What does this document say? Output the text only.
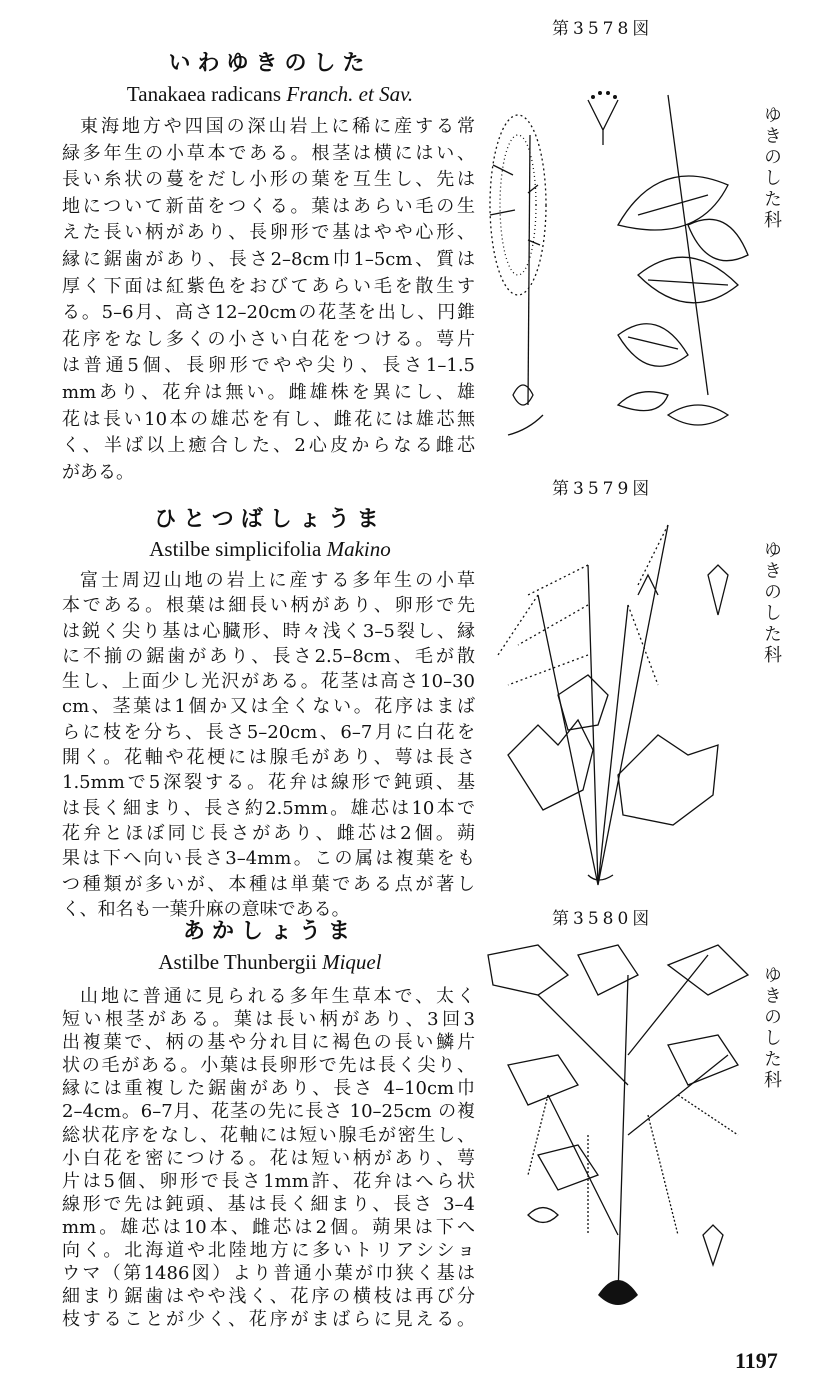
いわゆきのした
Tanakaea radicans Franch. et Sav.
東海地方や四国の深山岩上に稀に産する常
緑多年生の小草本である。根茎は横にはい、
長い糸状の蔓をだし小形の葉を互生し、先は
地について新苗をつくる。葉はあらい毛の生
えた長い柄があり、長卵形で基はやや心形、
縁に鋸歯があり、長さ2–8cm巾1–5cm、質は
厚く下面は紅紫色をおびてあらい毛を散生す
る。5–6月、高さ12–20cmの花茎を出し、円錐
花序をなし多くの小さい白花をつける。萼片
は普通5個、長卵形でやや尖り、長さ1–1.5
mmあり、花弁は無い。雌雄株を異にし、雄
花は長い10本の雄芯を有し、雌花には雄芯無
く、半ば以上癒合した、2心皮からなる雌芯
がある。
第3578図
ゆきのした科
ひとつばしょうま
Astilbe simplicifolia Makino
富士周辺山地の岩上に産する多年生の小草
本である。根葉は細長い柄があり、卵形で先
は鋭く尖り基は心臓形、時々浅く3–5裂し、縁
に不揃の鋸歯があり、長さ2.5–8cm、毛が散
生し、上面少し光沢がある。花茎は高さ10–30
cm、茎葉は1個か又は全くない。花序はまば
らに枝を分ち、長さ5–20cm、6–7月に白花を
開く。花軸や花梗には腺毛があり、萼は長さ
1.5mmで5深裂する。花弁は線形で鈍頭、基
は長く細まり、長さ約2.5mm。雄芯は10本で
花弁とほぼ同じ長さがあり、雌芯は2個。蒴
果は下へ向い長さ3–4mm。この属は複葉をも
つ種類が多いが、本種は単葉である点が著し
く、和名も一葉升麻の意味である。
第3579図
ゆきのした科
あかしょうま
Astilbe Thunbergii Miquel
山地に普通に見られる多年生草本で、太く
短い根茎がある。葉は長い柄があり、3回3
出複葉で、柄の基や分れ目に褐色の長い鱗片
状の毛がある。小葉は長卵形で先は長く尖り、
縁には重複した鋸歯があり、長さ 4–10cm巾
2–4cm。6–7月、花茎の先に長さ 10–25cm の複
総状花序をなし、花軸には短い腺毛が密生し、
小白花を密につける。花は短い柄があり、萼
片は5個、卵形で長さ1mm許、花弁はへら状
線形で先は鈍頭、基は長く細まり、長さ 3–4
mm。雄芯は10本、雌芯は2個。蒴果は下へ
向く。北海道や北陸地方に多いトリアシショ
ウマ（第1486図）より普通小葉が巾狭く基は
細まり鋸歯はやや浅く、花序の横枝は再び分
枝することが少く、花序がまばらに見える。
第3580図
ゆきのした科
1197
